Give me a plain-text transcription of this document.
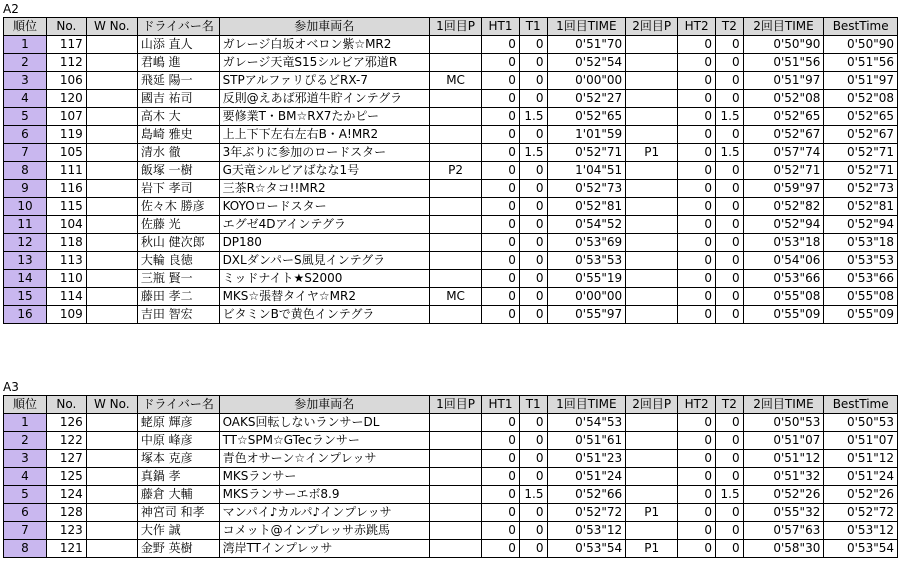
A2
順位	No.	W No.	ドライバー名	参加車両名	1回目P	HT1	T1	1回目TIME	2回目P	HT2	T2	2回目TIME	BestTime
1	117		山添 直人	ガレージ白坂オベロン紫☆MR2		0	0	0'51"70		0	0	0'50"90	0'50"90
2	112		君嶋 進	ガレージ天竜S15シルビア邪道R		0	0	0'52"54		0	0	0'51"56	0'51"56
3	106		飛延 陽一	STPアルファリぴるどRX-7	MC	0	0	0'00"00		0	0	0'51"97	0'51"97
4	120		國吉 祐司	反則@えあば邪道牛貯インテグラ		0	0	0'52"27		0	0	0'52"08	0'52"08
5	107		高木 大	要修業T・BM☆RX7たかピー		0	1.5	0'52"65		0	1.5	0'52"65	0'52"65
6	119		島崎 雅史	上上下下左右左右B・A!MR2		0	0	1'01"59		0	0	0'52"67	0'52"67
7	105		清水 徹	3年ぶりに参加のロードスター		0	1.5	0'52"71	P1	0	1.5	0'57"74	0'52"71
8	111		飯塚 一樹	G天竜シルビアばなな1号	P2	0	0	1'04"51		0	0	0'52"71	0'52"71
9	116		岩下 孝司	三茶R☆タコ!!MR2		0	0	0'52"73		0	0	0'59"97	0'52"73
10	115		佐々木 勝彦	KOYOロードスター		0	0	0'52"81		0	0	0'52"82	0'52"81
11	104		佐藤 光	エグゼ4Dアインテグラ		0	0	0'54"52		0	0	0'52"94	0'52"94
12	118		秋山 健次郎	DP180		0	0	0'53"69		0	0	0'53"18	0'53"18
13	113		大輪 良徳	DXLダンパーS風見インテグラ		0	0	0'53"53		0	0	0'54"06	0'53"53
14	110		三瓶 賢一	ミッドナイト★S2000		0	0	0'55"19		0	0	0'53"66	0'53"66
15	114		藤田 孝二	MKS☆張替タイヤ☆MR2	MC	0	0	0'00"00		0	0	0'55"08	0'55"08
16	109		吉田 智宏	ビタミンBで黄色インテグラ		0	0	0'55"97		0	0	0'55"09	0'55"09
A3
順位	No.	W No.	ドライバー名	参加車両名	1回目P	HT1	T1	1回目TIME	2回目P	HT2	T2	2回目TIME	BestTime
1	126		蛯原 輝彦	OAKS回転しないランサーDL		0	0	0'54"53		0	0	0'50"53	0'50"53
2	122		中原 峰彦	TT☆SPM☆GTecランサー		0	0	0'51"61		0	0	0'51"07	0'51"07
3	127		塚本 克彦	青色オサーン☆インプレッサ		0	0	0'51"23		0	0	0'51"12	0'51"12
4	125		真鍋 孝	MKSランサー		0	0	0'51"24		0	0	0'51"32	0'51"24
5	124		藤倉 大輔	MKSランサーエボ8.9		0	1.5	0'52"66		0	1.5	0'52"26	0'52"26
6	128		神宮司 和孝	マンパイ♪カルパ♪インプレッサ		0	0	0'52"72	P1	0	0	0'55"32	0'52"72
7	123		大作 誠	コメット@インプレッサ赤跳馬		0	0	0'53"12		0	0	0'57"63	0'53"12
8	121		金野 英樹	湾岸TTインプレッサ		0	0	0'53"54	P1	0	0	0'58"30	0'53"54
